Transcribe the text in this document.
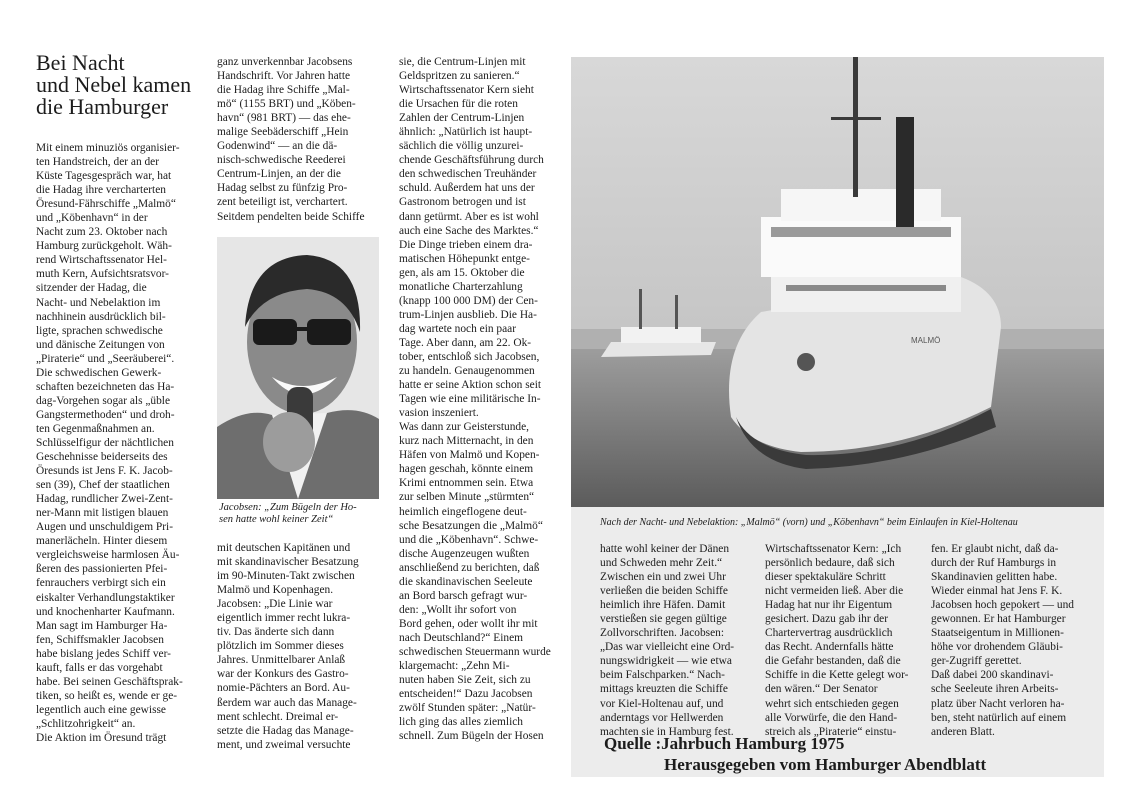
Bei Nacht
und Nebel kamen
die Hamburger
Mit einem minuziös organisier-
ten Handstreich, der an der
Küste Tagesgespräch war, hat
die Hadag ihre vercharterten
Öresund-Fährschiffe „Malmö“
und „Köbenhavn“ in der
Nacht zum 23. Oktober nach
Hamburg zurückgeholt. Wäh-
rend Wirtschaftssenator Hel-
muth Kern, Aufsichtsratsvor-
sitzender der Hadag, die
Nacht- und Nebelaktion im
nachhinein ausdrücklich bil-
ligte, sprachen schwedische
und dänische Zeitungen von
„Piraterie“ und „Seeräuberei“.
Die schwedischen Gewerk-
schaften bezeichneten das Ha-
dag-Vorgehen sogar als „üble
Gangstermethoden“ und droh-
ten Gegenmaßnahmen an.
Schlüsselfigur der nächtlichen
Geschehnisse beiderseits des
Öresunds ist Jens F. K. Jacob-
sen (39), Chef der staatlichen
Hadag, rundlicher Zwei-Zent-
ner-Mann mit listigen blauen
Augen und unschuldigem Pri-
manerlächeln. Hinter diesem
vergleichsweise harmlosen Äu-
ßeren des passionierten Pfei-
fenrauchers verbirgt sich ein
eiskalter Verhandlungstaktiker
und knochenharter Kaufmann.
Man sagt im Hamburger Ha-
fen, Schiffsmakler Jacobsen
habe bislang jedes Schiff ver-
kauft, falls er das vorgehabt
habe. Bei seinen Geschäftsprak-
tiken, so heißt es, wende er ge-
legentlich auch eine gewisse
„Schlitzohrigkeit“ an.
Die Aktion im Öresund trägt
ganz unverkennbar Jacobsens
Handschrift. Vor Jahren hatte
die Hadag ihre Schiffe „Mal-
mö“ (1155 BRT) und „Köben-
havn“ (981 BRT) — das ehe-
malige Seebäderschiff „Hein
Godenwind“ — an die dä-
nisch-schwedische Reederei
Centrum-Linjen, an der die
Hadag selbst zu fünfzig Pro-
zent beteiligt ist, verchartert.
Seitdem pendelten beide Schiffe
Jacobsen: „Zum Bügeln der Ho-
sen hatte wohl keiner Zeit“
mit deutschen Kapitänen und
mit skandinavischer Besatzung
im 90-Minuten-Takt zwischen
Malmö und Kopenhagen.
Jacobsen: „Die Linie war
eigentlich immer recht lukra-
tiv. Das änderte sich dann
plötzlich im Sommer dieses
Jahres. Unmittelbarer Anlaß
war der Konkurs des Gastro-
nomie-Pächters an Bord. Au-
ßerdem war auch das Manage-
ment schlecht. Dreimal er-
setzte die Hadag das Manage-
ment, und zweimal versuchte
sie, die Centrum-Linjen mit
Geldspritzen zu sanieren.“
Wirtschaftssenator Kern sieht
die Ursachen für die roten
Zahlen der Centrum-Linjen
ähnlich: „Natürlich ist haupt-
sächlich die völlig unzurei-
chende Geschäftsführung durch
den schwedischen Treuhänder
schuld. Außerdem hat uns der
Gastronom betrogen und ist
dann getürmt. Aber es ist wohl
auch eine Sache des Marktes.“
Die Dinge trieben einem dra-
matischen Höhepunkt entge-
gen, als am 15. Oktober die
monatliche Charterzahlung
(knapp 100 000 DM) der Cen-
trum-Linjen ausblieb. Die Ha-
dag wartete noch ein paar
Tage. Aber dann, am 22. Ok-
tober, entschloß sich Jacobsen,
zu handeln. Genaugenommen
hatte er seine Aktion schon seit
Tagen wie eine militärische In-
vasion inszeniert.
Was dann zur Geisterstunde,
kurz nach Mitternacht, in den
Häfen von Malmö und Kopen-
hagen geschah, könnte einem
Krimi entnommen sein. Etwa
zur selben Minute „stürmten“
heimlich eingeflogene deut-
sche Besatzungen die „Malmö“
und die „Köbenhavn“. Schwe-
dische Augenzeugen wußten
anschließend zu berichten, daß
die skandinavischen Seeleute
an Bord barsch gefragt wur-
den: „Wollt ihr sofort von
Bord gehen, oder wollt ihr mit
nach Deutschland?“ Einem
schwedischen Steuermann wurde
klargemacht: „Zehn Mi-
nuten haben Sie Zeit, sich zu
entscheiden!“ Dazu Jacobsen
zwölf Stunden später: „Natür-
lich ging das alles ziemlich
schnell. Zum Bügeln der Hosen
MALMÖ
Nach der Nacht- und Nebelaktion: „Malmö“ (vorn) und „Köbenhavn“ beim Einlaufen in Kiel-Holtenau
hatte wohl keiner der Dänen
und Schweden mehr Zeit.“
Zwischen ein und zwei Uhr
verließen die beiden Schiffe
heimlich ihre Häfen. Damit
verstießen sie gegen gültige
Zollvorschriften. Jacobsen:
„Das war vielleicht eine Ord-
nungswidrigkeit — wie etwa
beim Falschparken.“ Nach-
mittags kreuzten die Schiffe
vor Kiel-Holtenau auf, und
anderntags vor Hellwerden
machten sie in Hamburg fest.
Wirtschaftssenator Kern: „Ich
persönlich bedaure, daß sich
dieser spektakuläre Schritt
nicht vermeiden ließ. Aber die
Hadag hat nur ihr Eigentum
gesichert. Dazu gab ihr der
Chartervertrag ausdrücklich
das Recht. Andernfalls hätte
die Gefahr bestanden, daß die
Schiffe in die Kette gelegt wor-
den wären.“ Der Senator
wehrt sich entschieden gegen
alle Vorwürfe, die den Hand-
streich als „Piraterie“ einstu-
fen. Er glaubt nicht, daß da-
durch der Ruf Hamburgs in
Skandinavien gelitten habe.
Wieder einmal hat Jens F. K.
Jacobsen hoch gepokert — und
gewonnen. Er hat Hamburger
Staatseigentum in Millionen-
höhe vor drohendem Gläubi-
ger-Zugriff gerettet.
Daß dabei 200 skandinavi-
sche Seeleute ihren Arbeits-
platz über Nacht verloren ha-
ben, steht natürlich auf einem
anderen Blatt.
Quelle :Jahrbuch Hamburg 1975
Herausgegeben vom Hamburger Abendblatt
